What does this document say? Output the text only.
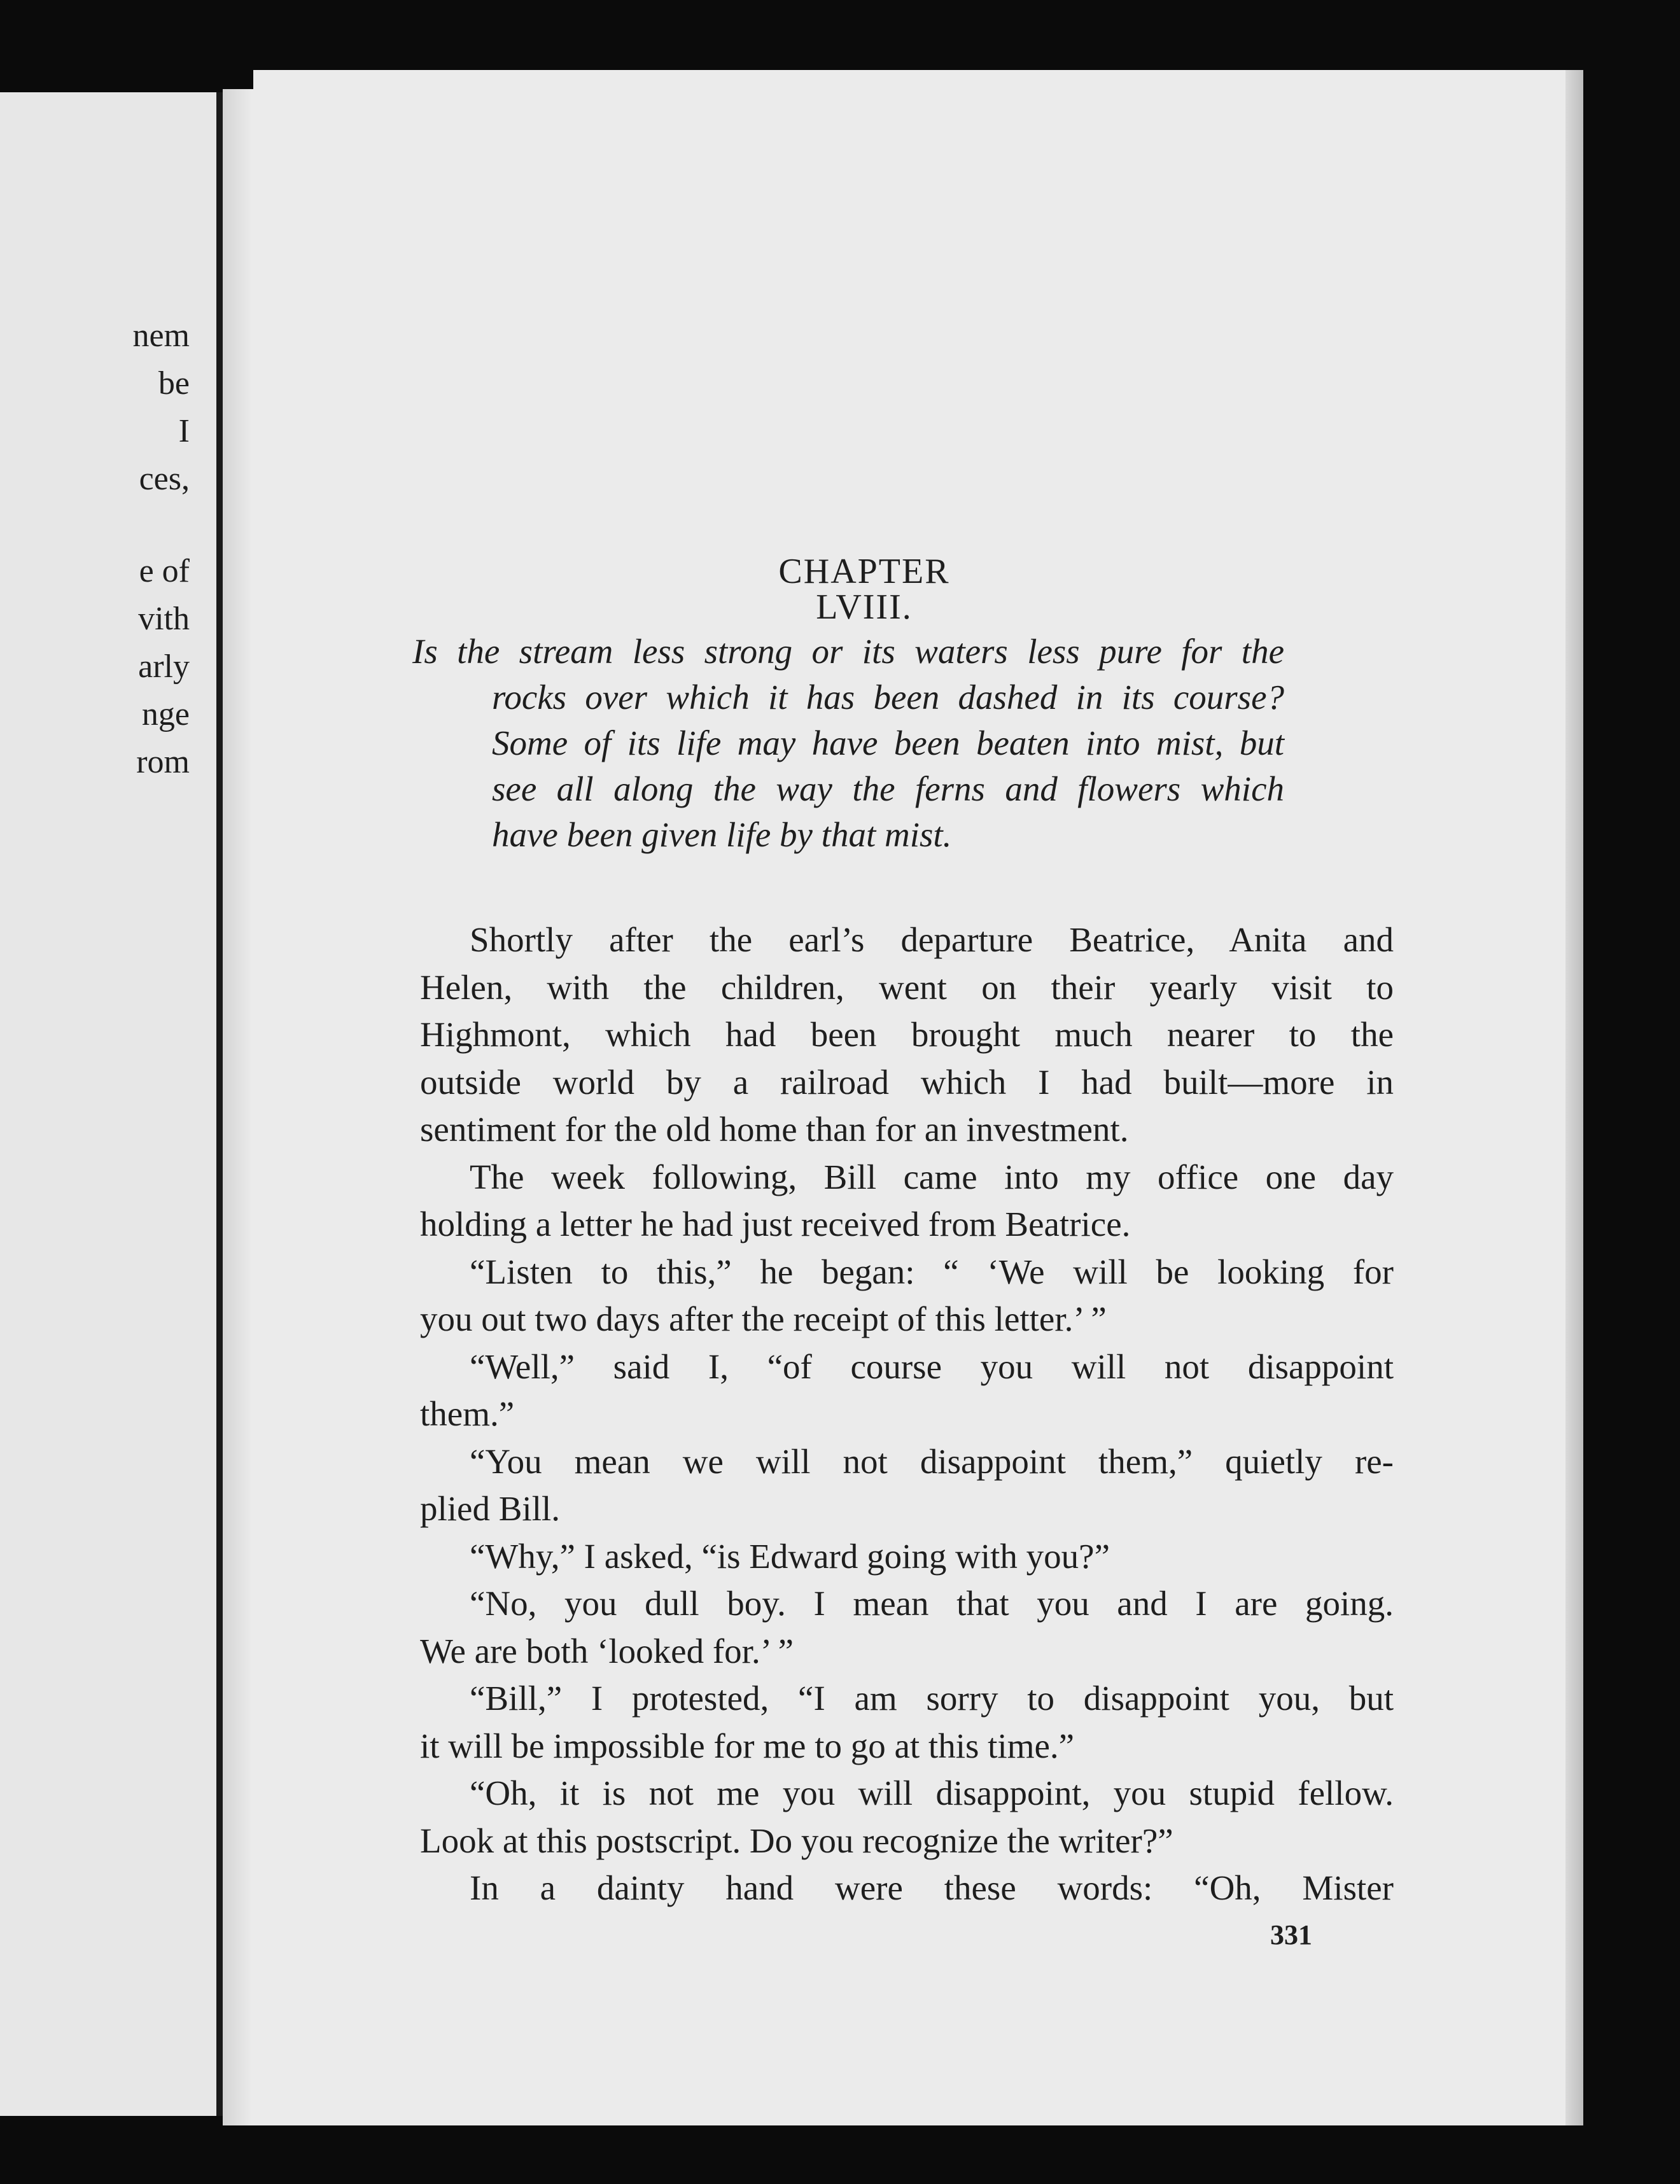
nem
be
I
ces,
e of
vith
arly
nge
rom
CHAPTER LVIII.
Is the stream less strong or its waters less pure for the
rocks over which it has been dashed in its course?
Some of its life may have been beaten into mist, but
see all along the way the ferns and flowers which
have been given life by that mist.
Shortly after the earl’s departure Beatrice, Anita and
Helen, with the children, went on their yearly visit to
Highmont, which had been brought much nearer to the
outside world by a railroad which I had built—more in
sentiment for the old home than for an investment.
The week following, Bill came into my office one day
holding a letter he had just received from Beatrice.
“Listen to this,” he began: “ ‘We will be looking for
you out two days after the receipt of this letter.’ ”
“Well,” said I, “of course you will not disappoint
them.”
“You mean we will not disappoint them,” quietly re-
plied Bill.
“Why,” I asked, “is Edward going with you?”
“No, you dull boy. I mean that you and I are going.
We are both ‘looked for.’ ”
“Bill,” I protested, “I am sorry to disappoint you, but
it will be impossible for me to go at this time.”
“Oh, it is not me you will disappoint, you stupid fellow.
Look at this postscript. Do you recognize the writer?”
In a dainty hand were these words: “Oh, Mister
331
